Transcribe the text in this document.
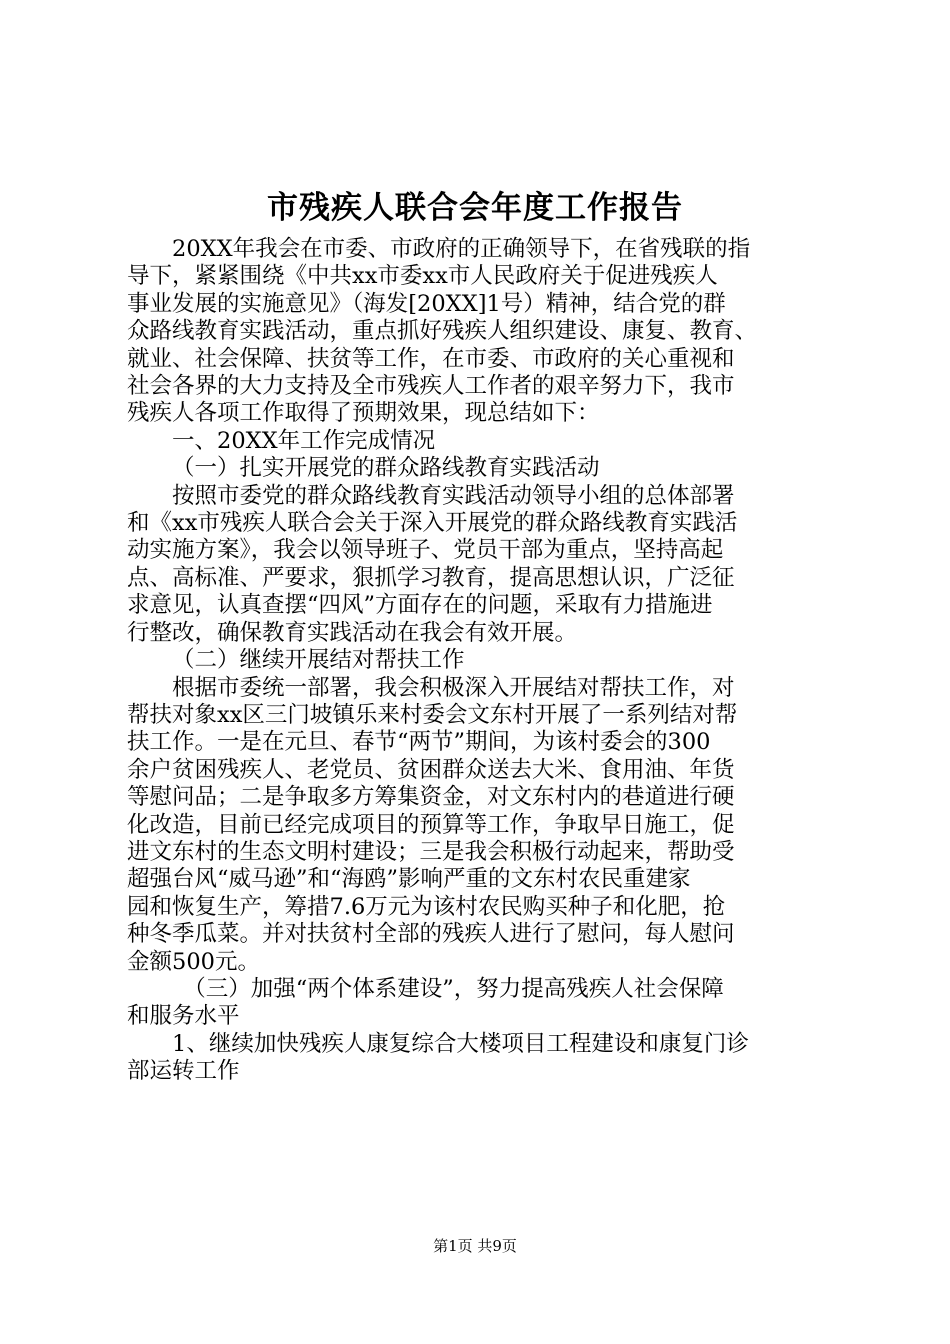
市残疾人联合会年度工作报告

20XX年我会在市委、市政府的正确领导下，在省残联的指
导下，紧紧围绕《中共xx市委xx市人民政府关于促进残疾人
事业发展的实施意见》（海发[20XX]1号）精神，结合党的群
众路线教育实践活动，重点抓好残疾人组织建设、康复、教育、
就业、社会保障、扶贫等工作，在市委、市政府的关心重视和
社会各界的大力支持及全市残疾人工作者的艰辛努力下，我市
残疾人各项工作取得了预期效果，现总结如下：

一、20XX年工作完成情况

（一）扎实开展党的群众路线教育实践活动

按照市委党的群众路线教育实践活动领导小组的总体部署
和《xx市残疾人联合会关于深入开展党的群众路线教育实践活
动实施方案》，我会以领导班子、党员干部为重点，坚持高起
点、高标准、严要求，狠抓学习教育，提高思想认识，广泛征
求意见，认真查摆“四风”方面存在的问题，采取有力措施进
行整改，确保教育实践活动在我会有效开展。

（二）继续开展结对帮扶工作

根据市委统一部署，我会积极深入开展结对帮扶工作，对
帮扶对象xx区三门坡镇乐来村委会文东村开展了一系列结对帮
扶工作。一是在元旦、春节“两节”期间，为该村委会的300
余户贫困残疾人、老党员、贫困群众送去大米、食用油、年货
等慰问品；二是争取多方筹集资金，对文东村内的巷道进行硬
化改造，目前已经完成项目的预算等工作，争取早日施工，促
进文东村的生态文明村建设；三是我会积极行动起来，帮助受
超强台风“威马逊”和“海鸥”影响严重的文东村农民重建家
园和恢复生产，筹措7.6万元为该村农民购买种子和化肥，抢
种冬季瓜菜。并对扶贫村全部的残疾人进行了慰问，每人慰问
金额500元。

（三）加强“两个体系建设”，努力提高残疾人社会保障
和服务水平

1、继续加快残疾人康复综合大楼项目工程建设和康复门诊
部运转工作

第1页 共9页
